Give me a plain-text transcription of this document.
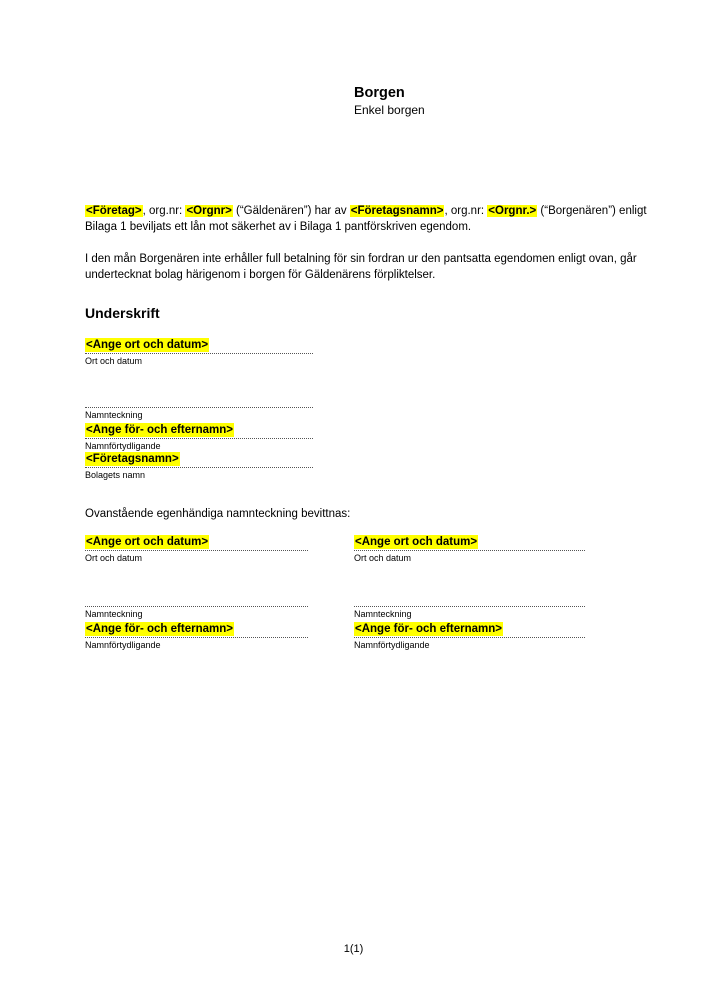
Borgen
Enkel borgen

<Företag>, org.nr: <Orgnr> (“Gäldenären”) har av <Företagsnamn>, org.nr: <Orgnr.> (“Borgenären”) enligt Bilaga 1 beviljats ett lån mot säkerhet av i Bilaga 1 pantförskriven egendom.

I den mån Borgenären inte erhåller full betalning för sin fordran ur den pantsatta egendomen enligt ovan, går undertecknat bolag härigenom i borgen för Gäldenärens förpliktelser.

Underskrift
<Ange ort och datum>
Ort och datum
Namnteckning
<Ange för- och efternamn>
Namnförtydligande
<Företagsnamn>
Bolagets namn
Ovanstående egenhändiga namnteckning bevittnas:
<Ange ort och datum>
Ort och datum
Namnteckning
<Ange för- och efternamn>
Namnförtydligande
<Ange ort och datum>
Ort och datum
Namnteckning
<Ange för- och efternamn>
Namnförtydligande
1(1)
